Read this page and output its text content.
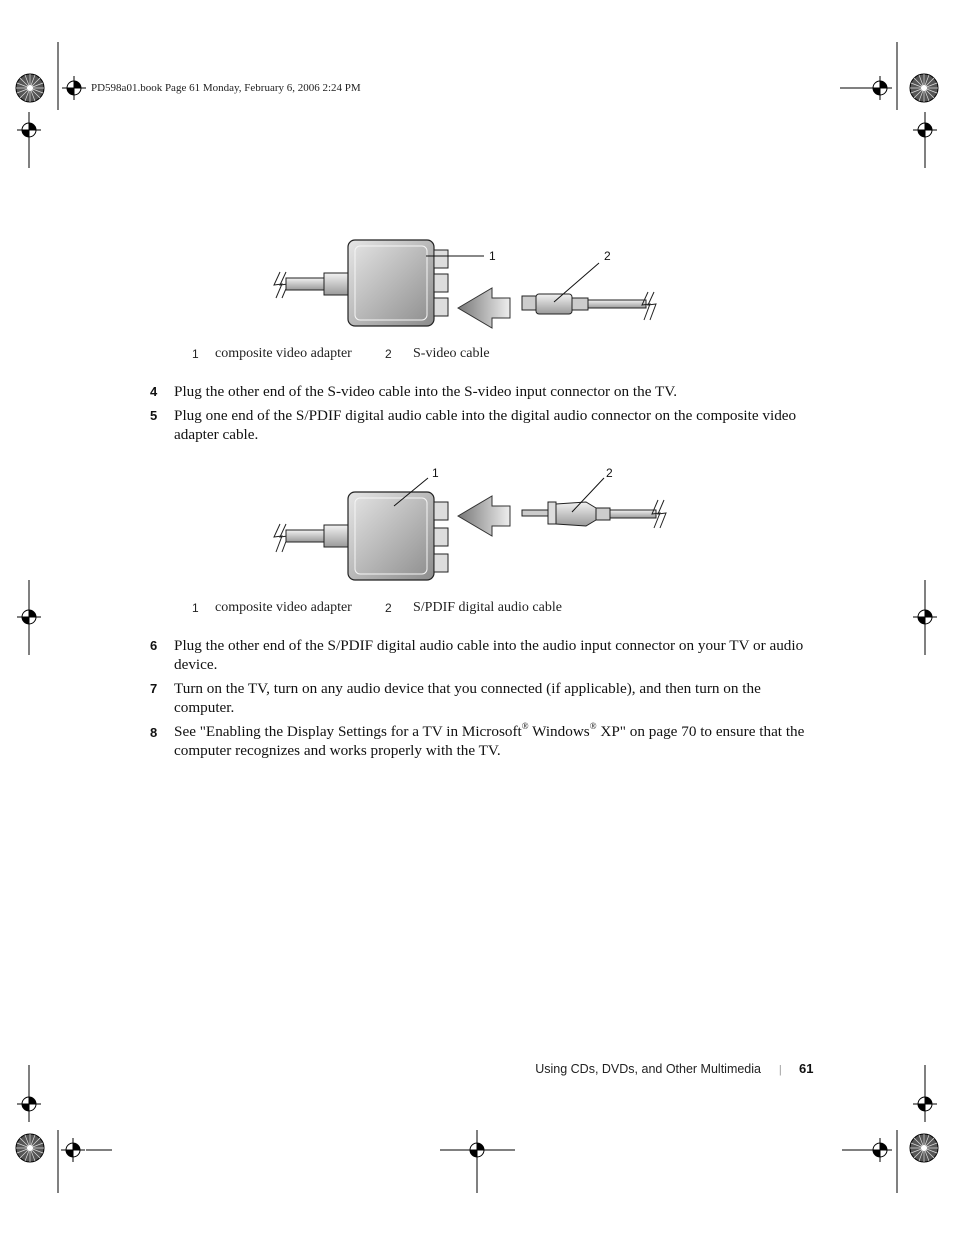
PD598a01.book Page 61 Monday, February 6, 2006 2:24 PM
1	2
1 composite video adapter	2 S-video cable
4	Plug the other end of the S-video cable into the S-video input connector on the TV.
5	Plug one end of the S/PDIF digital audio cable into the digital audio connector on the composite video adapter cable.
1	2
1 composite video adapter	2 S/PDIF digital audio cable
6	Plug the other end of the S/PDIF digital audio cable into the audio input connector on your TV or audio device.
7	Turn on the TV, turn on any audio device that you connected (if applicable), and then turn on the computer.
8	See "Enabling the Display Settings for a TV in Microsoft® Windows® XP" on page 70 to ensure that the computer recognizes and works properly with the TV.
Using CDs, DVDs, and Other Multimedia | 61
